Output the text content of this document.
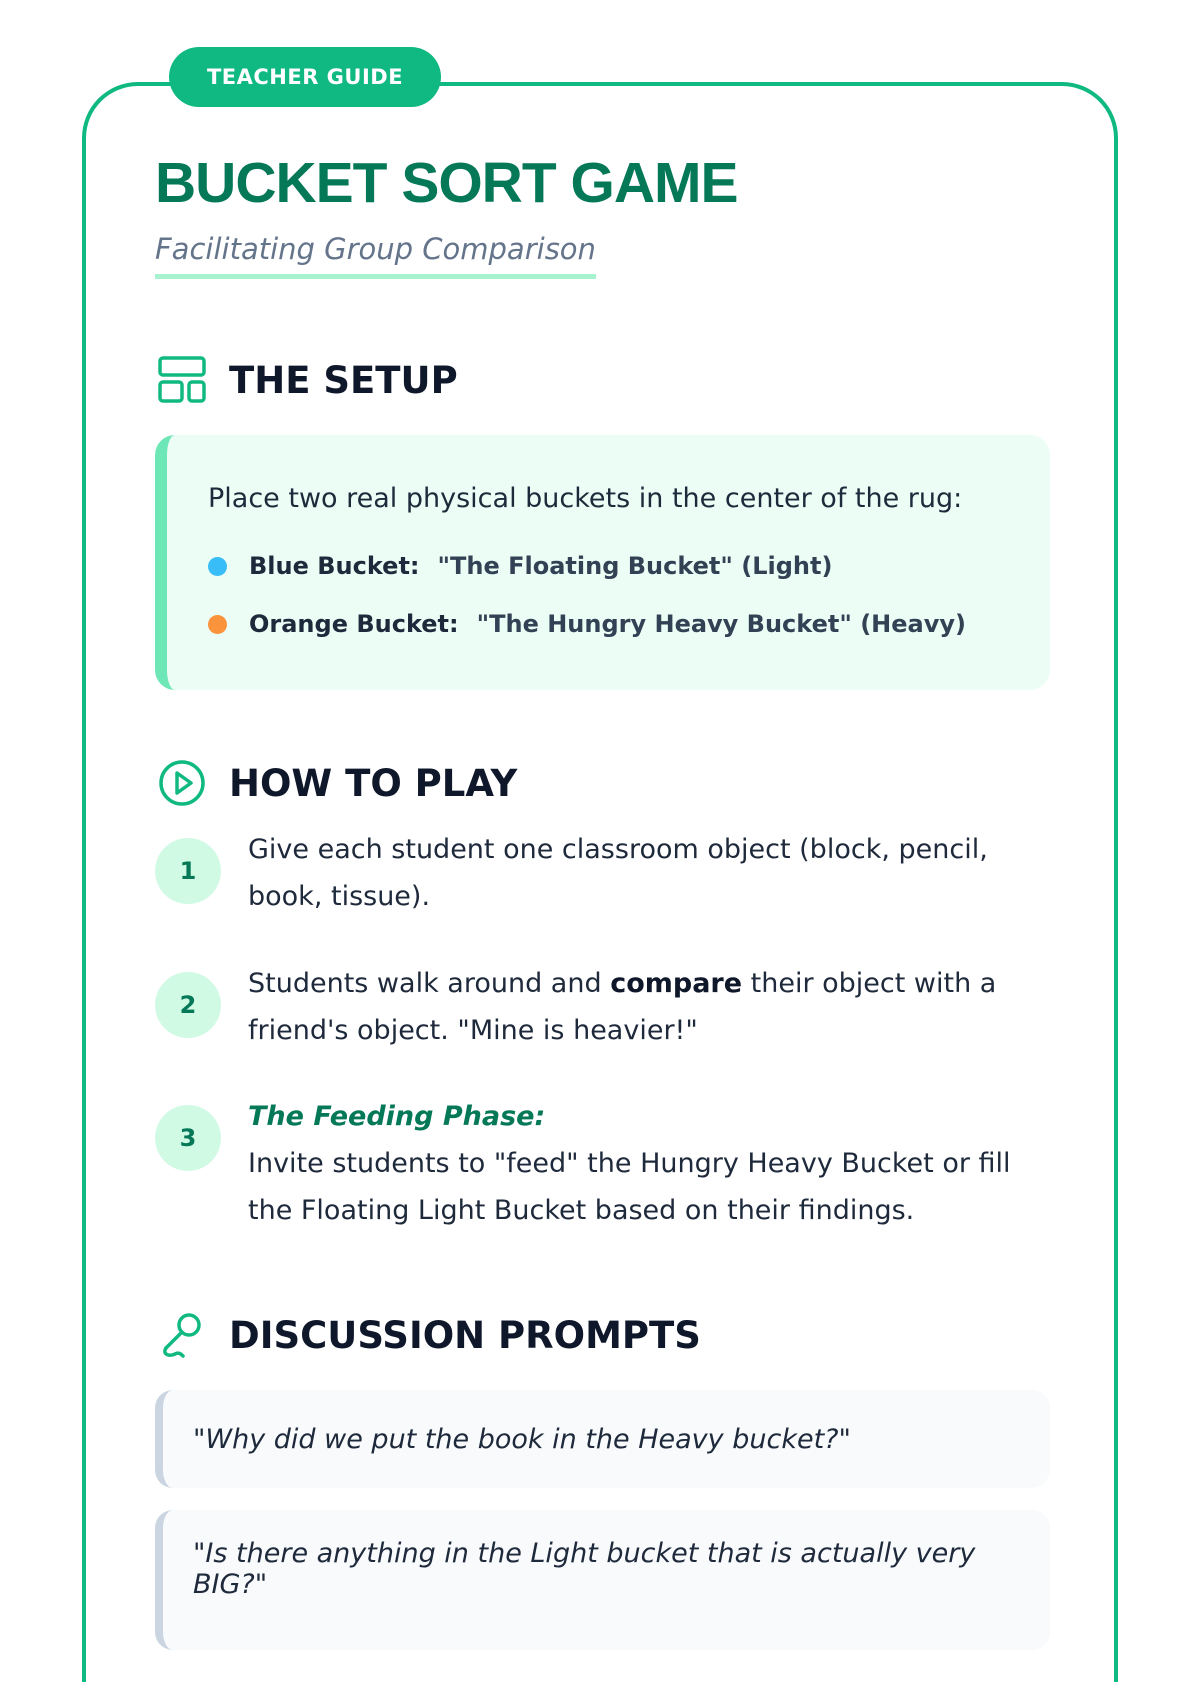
TEACHER GUIDE
BUCKET SORT GAME
Facilitating Group Comparison
THE SETUP
Place two real physical buckets in the center of the rug:
Blue Bucket: "The Floating Bucket" (Light)
Orange Bucket: "The Hungry Heavy Bucket" (Heavy)
HOW TO PLAY
1
Give each student one classroom object (block, pencil, book, tissue).
2
Students walk around and compare their object with a friend's object. "Mine is heavier!"
3
The Feeding Phase:
Invite students to "feed" the Hungry Heavy Bucket or fill the Floating Light Bucket based on their findings.
DISCUSSION PROMPTS
"Why did we put the book in the Heavy bucket?"
"Is there anything in the Light bucket that is actually very BIG?"
